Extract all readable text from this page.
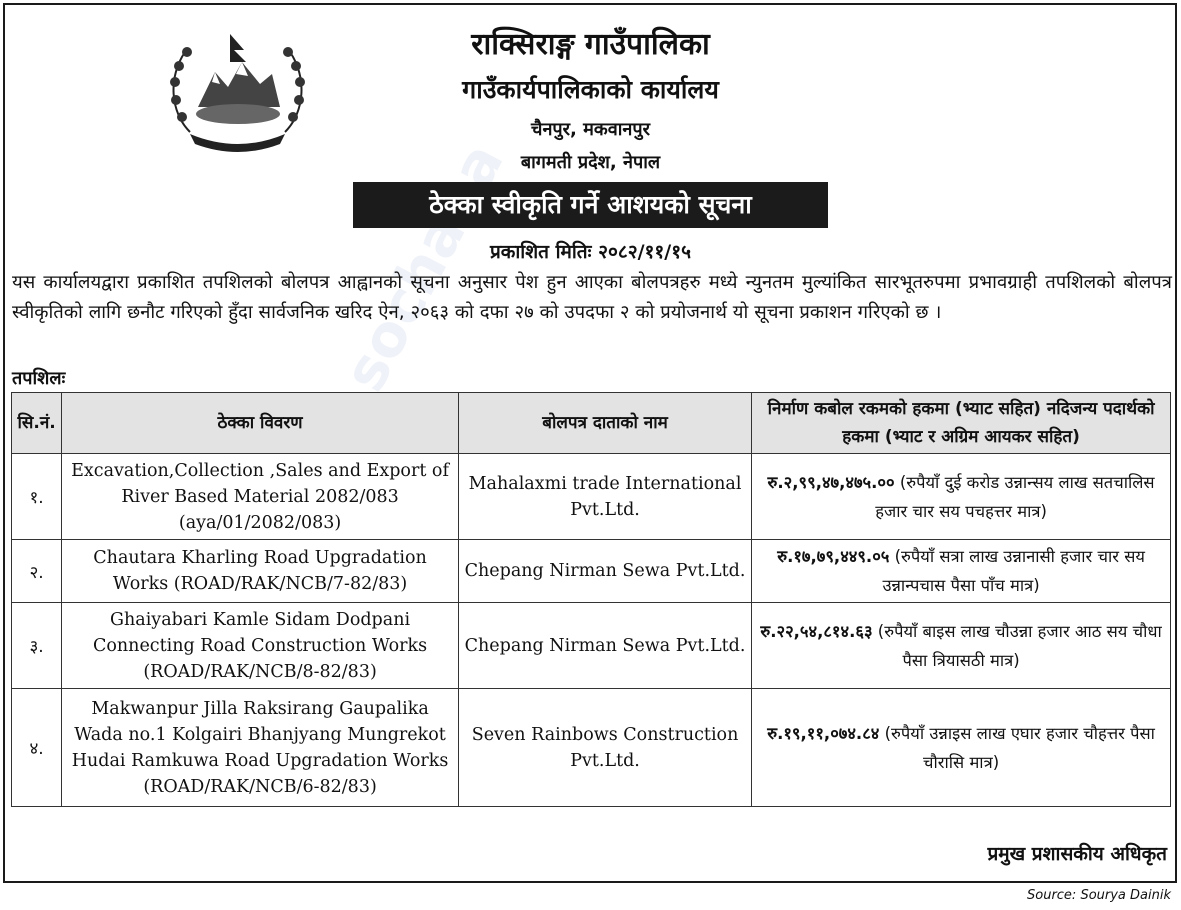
sochana
राक्सिराङ्ग गाउँपालिका
गाउँकार्यपालिकाको कार्यालय
चैनपुर, मकवानपुर
बागमती प्रदेश, नेपाल
ठेक्का स्वीकृति गर्ने आशयको सूचना
प्रकाशित मितिः २०८२/११/१५
यस कार्यालयद्वारा प्रकाशित तपशिलको बोलपत्र आह्वानको सूचना अनुसार पेश हुन आएका बोलपत्रहरु मध्ये न्युनतम मुल्यांकित सारभूतरुपमा प्रभावग्राही तपशिलको बोलपत्र स्वीकृतिको लागि छनौट गरिएको हुँदा सार्वजनिक खरिद ऐन, २०६३ को दफा २७ को उपदफा २ को प्रयोजनार्थ यो सूचना प्रकाशन गरिएको छ ।
तपशिलः
सि.नं.	ठेक्का विवरण	बोलपत्र दाताको नाम	निर्माण कबोल रकमको हकमा (भ्याट सहित) नदिजन्य पदार्थको हकमा (भ्याट र अग्रिम आयकर सहित)
१.	Excavation,Collection ,Sales and Export of River Based Material 2082/083 (aya/01/2082/083)	Mahalaxmi trade International Pvt.Ltd.	रु.२,९९,४७,४७५.०० (रुपैयाँ दुई करोड उन्नान्सय लाख सतचालिस हजार चार सय पचहत्तर मात्र)
२.	Chautara Kharling Road Upgradation Works (ROAD/RAK/NCB/7-82/83)	Chepang Nirman Sewa Pvt.Ltd.	रु.१७,७९,४४९.०५ (रुपैयाँ सत्रा लाख उन्नानासी हजार चार सय उन्नान्पचास पैसा पाँच मात्र)
३.	Ghaiyabari Kamle Sidam Dodpani Connecting Road Construction Works (ROAD/RAK/NCB/8-82/83)	Chepang Nirman Sewa Pvt.Ltd.	रु.२२,५४,८१४.६३ (रुपैयाँ बाइस लाख चौउन्ना हजार आठ सय चौधा पैसा त्रियासठी मात्र)
४.	Makwanpur Jilla Raksirang Gaupalika Wada no.1 Kolgairi Bhanjyang Mungrekot Hudai Ramkuwa Road Upgradation Works (ROAD/RAK/NCB/6-82/83)	Seven Rainbows Construction Pvt.Ltd.	रु.१९,११,०७४.८४ (रुपैयाँ उन्नाइस लाख एघार हजार चौहत्तर पैसा चौरासि मात्र)
प्रमुख प्रशासकीय अधिकृत
Source: Sourya Dainik
